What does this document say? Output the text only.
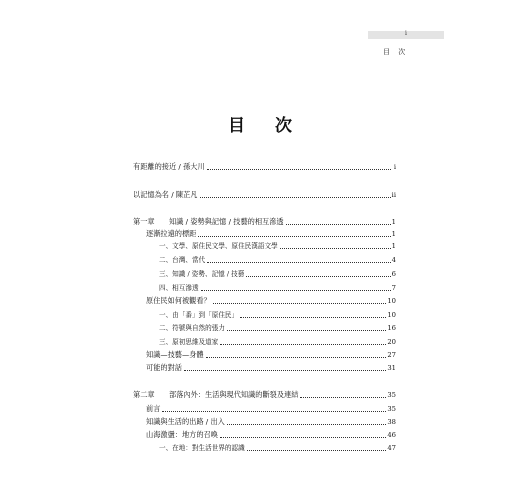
i
目 次
目 次
有距離的接近 / 孫大川	i
以記憶為名 / 陳芷凡	ii
第一章 知識 / 姿勢與記憶 / 技藝的相互滲透	1
逐漸拉遠的標距	1
一、文學、原住民文學、原住民漢語文學	1
二、台灣、當代	4
三、知識 / 姿勢、記憶 / 技藝	6
四、相互滲透	7
原住民如何被觀看？	10
一、由「番」到「原住民」	10
二、符號與自然的張力	16
三、原初思維及道家	20
知識—技藝—身體	27
可能的對話	31
第二章 部落內外：生活與現代知識的斷裂及連結	35
前言	35
知識與生活的出路 / 出入	38
山海激盪：地方的召喚	46
一、在地：對生活世界的認識	47
